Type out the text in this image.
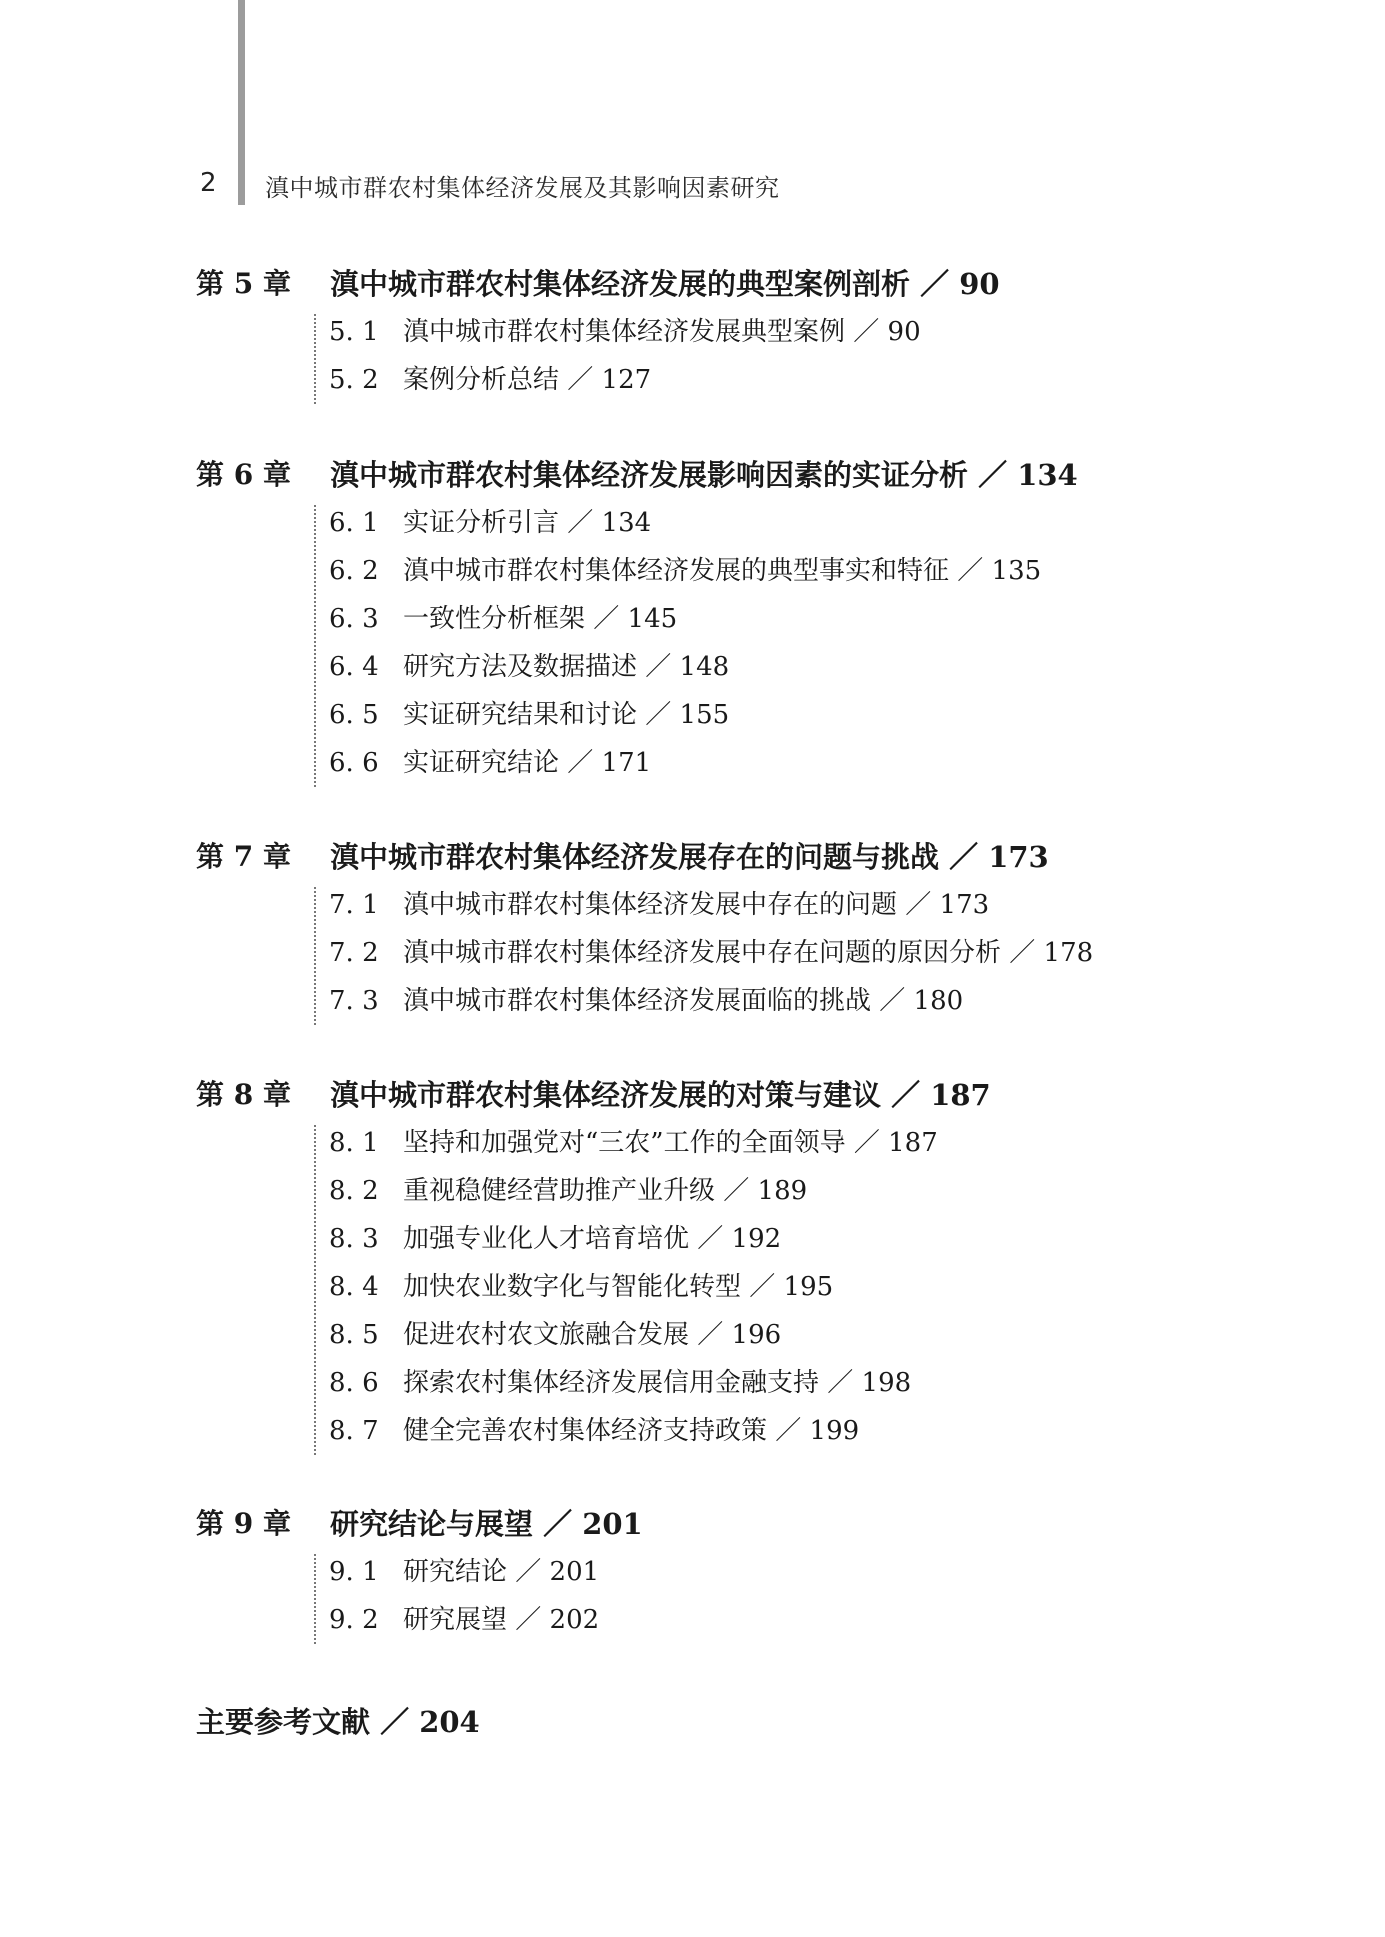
2 滇中城市群农村集体经济发展及其影响因素研究
第 5 章 滇中城市群农村集体经济发展的典型案例剖析 ／ 90
5. 1 滇中城市群农村集体经济发展典型案例 ／ 90
5. 2 案例分析总结 ／ 127
第 6 章 滇中城市群农村集体经济发展影响因素的实证分析 ／ 134
6. 1 实证分析引言 ／ 134
6. 2 滇中城市群农村集体经济发展的典型事实和特征 ／ 135
6. 3 一致性分析框架 ／ 145
6. 4 研究方法及数据描述 ／ 148
6. 5 实证研究结果和讨论 ／ 155
6. 6 实证研究结论 ／ 171
第 7 章 滇中城市群农村集体经济发展存在的问题与挑战 ／ 173
7. 1 滇中城市群农村集体经济发展中存在的问题 ／ 173
7. 2 滇中城市群农村集体经济发展中存在问题的原因分析 ／ 178
7. 3 滇中城市群农村集体经济发展面临的挑战 ／ 180
第 8 章 滇中城市群农村集体经济发展的对策与建议 ／ 187
8. 1 坚持和加强党对“三农”工作的全面领导 ／ 187
8. 2 重视稳健经营助推产业升级 ／ 189
8. 3 加强专业化人才培育培优 ／ 192
8. 4 加快农业数字化与智能化转型 ／ 195
8. 5 促进农村农文旅融合发展 ／ 196
8. 6 探索农村集体经济发展信用金融支持 ／ 198
8. 7 健全完善农村集体经济支持政策 ／ 199
第 9 章 研究结论与展望 ／ 201
9. 1 研究结论 ／ 201
9. 2 研究展望 ／ 202
主要参考文献 ／ 204
